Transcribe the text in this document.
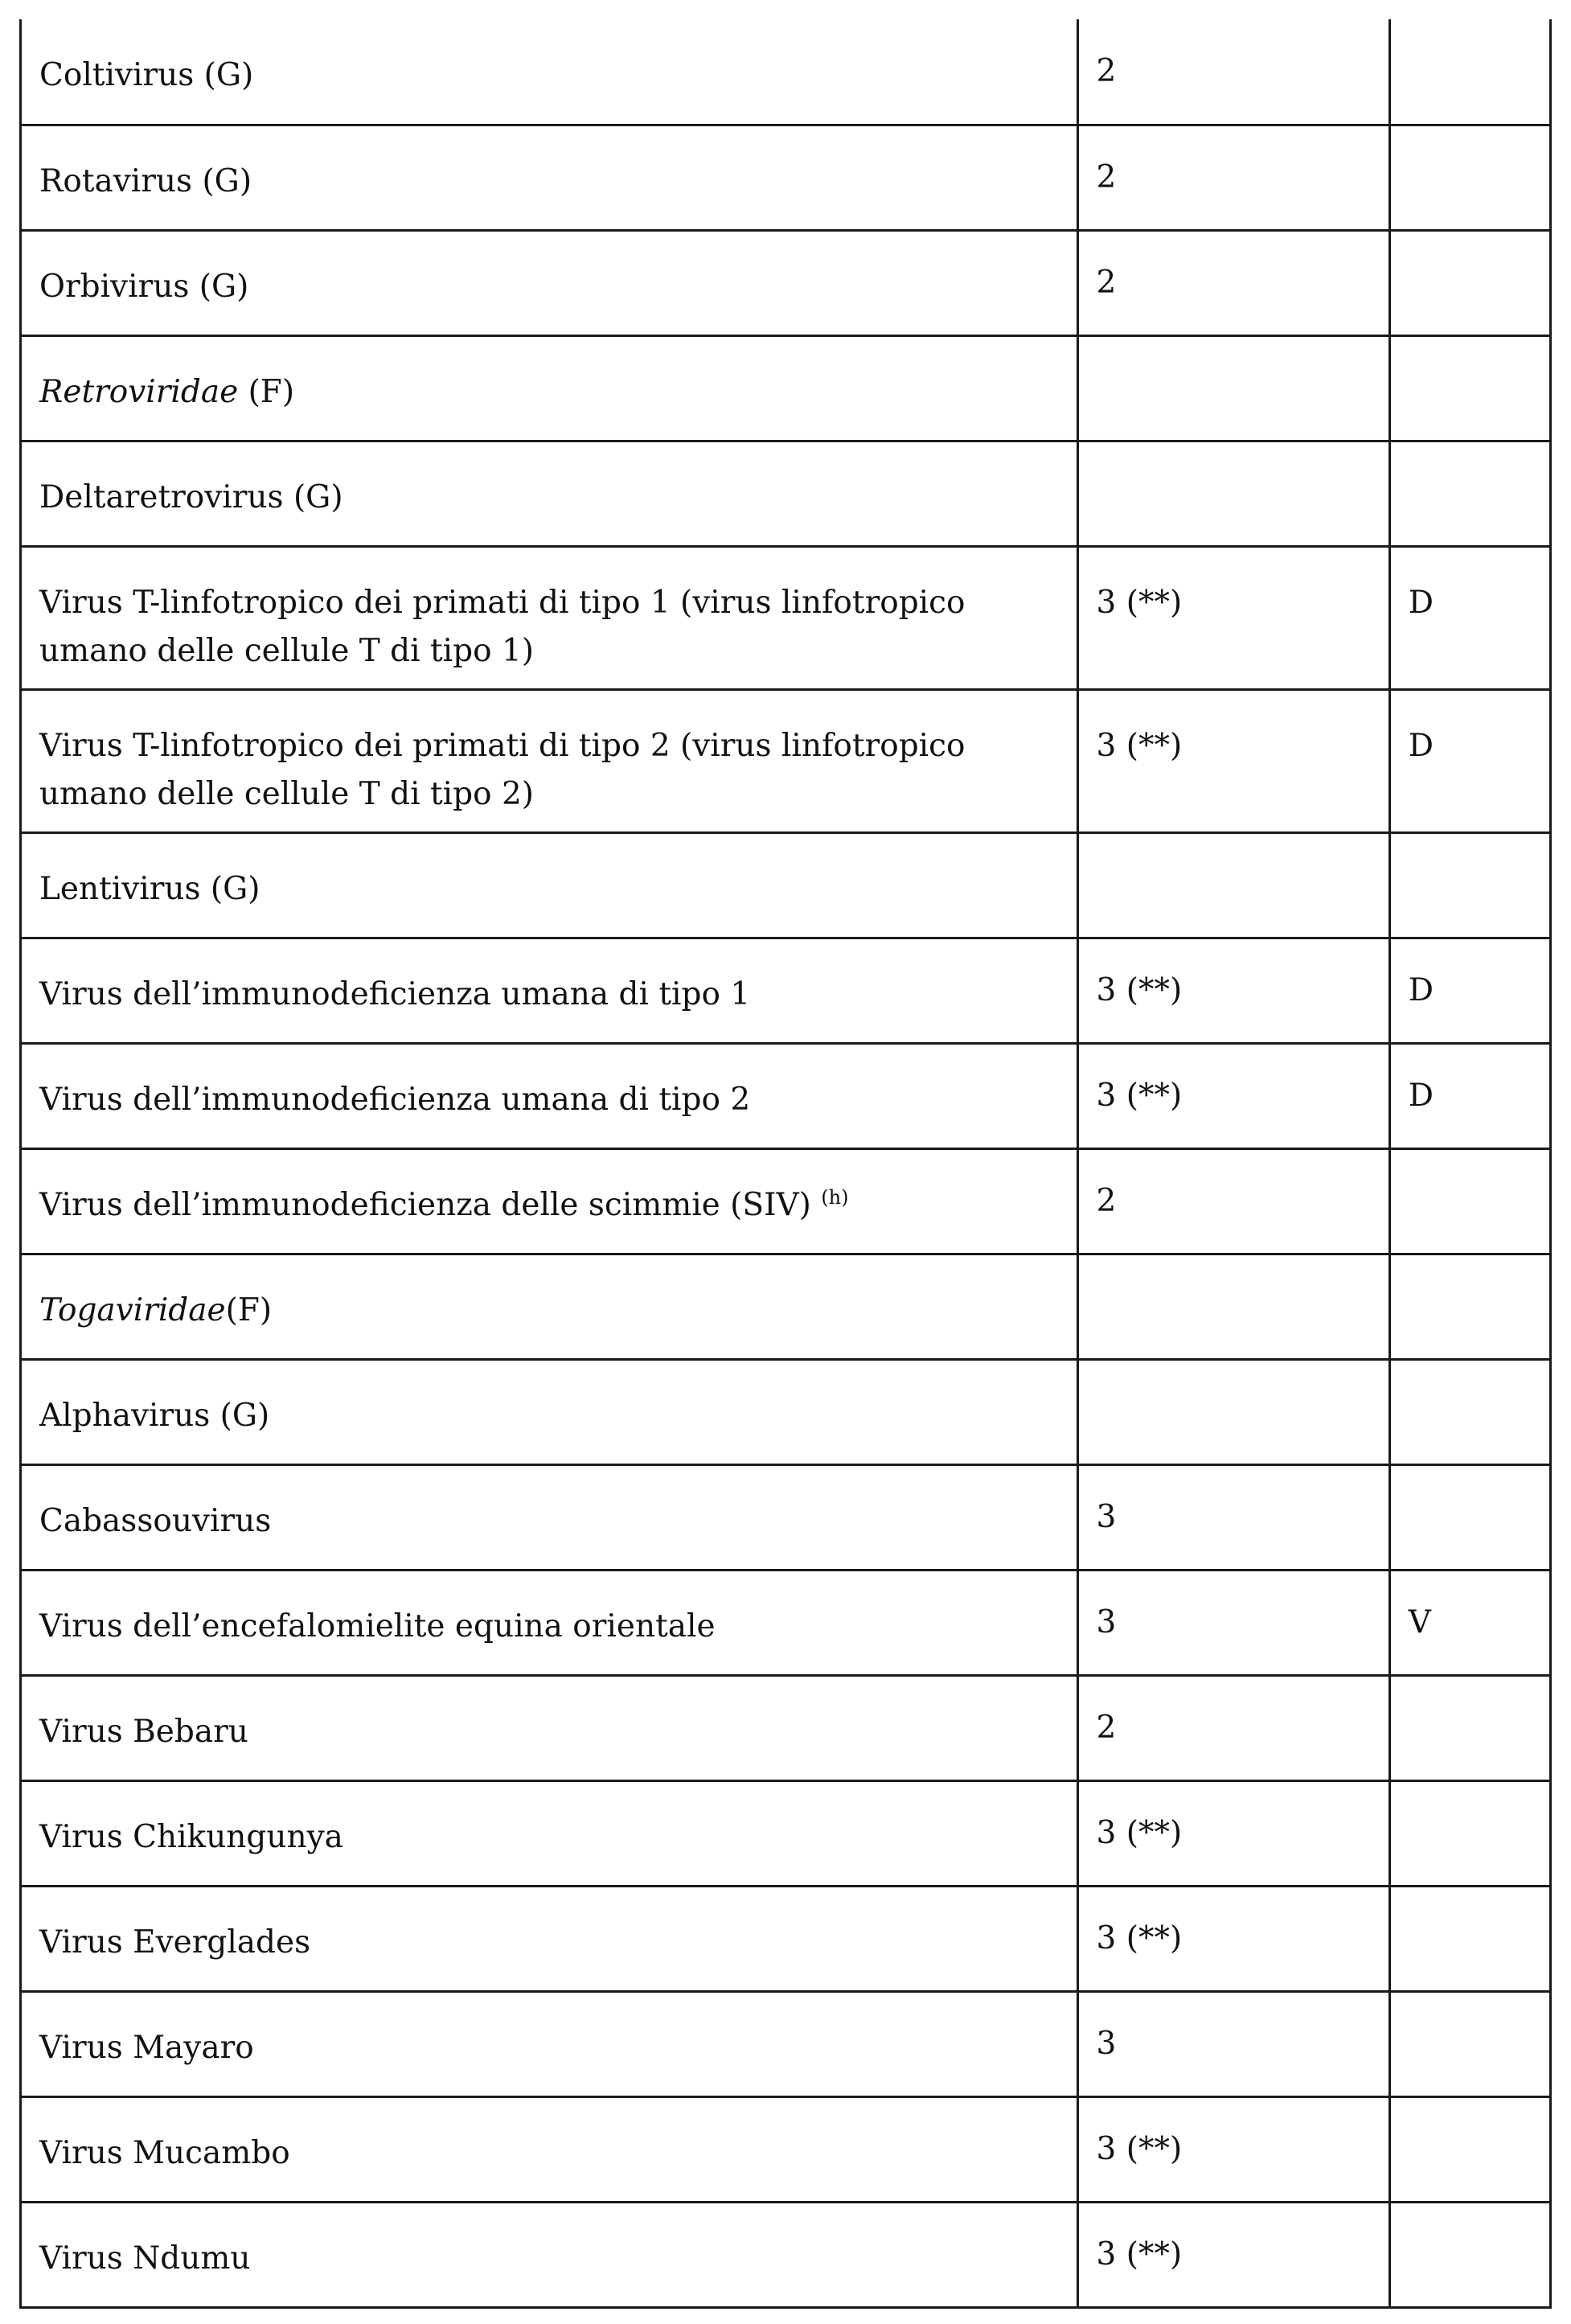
Coltivirus (G)	2	
Rotavirus (G)	2	
Orbivirus (G)	2	
Retroviridae (F)		
Deltaretrovirus (G)		
Virus T-linfotropico dei primati di tipo 1 (virus linfotropico umano delle cellule T di tipo 1)	3 (**)	D
Virus T-linfotropico dei primati di tipo 2 (virus linfotropico umano delle cellule T di tipo 2)	3 (**)	D
Lentivirus (G)		
Virus dell’immunodeficienza umana di tipo 1	3 (**)	D
Virus dell’immunodeficienza umana di tipo 2	3 (**)	D
Virus dell’immunodeficienza delle scimmie (SIV) $^{(h)}$	2	
Togaviridae(F)		
Alphavirus (G)		
Cabassouvirus	3	
Virus dell’encefalomielite equina orientale	3	V
Virus Bebaru	2	
Virus Chikungunya	3 (**)	
Virus Everglades	3 (**)	
Virus Mayaro	3	
Virus Mucambo	3 (**)	
Virus Ndumu	3 (**)	
